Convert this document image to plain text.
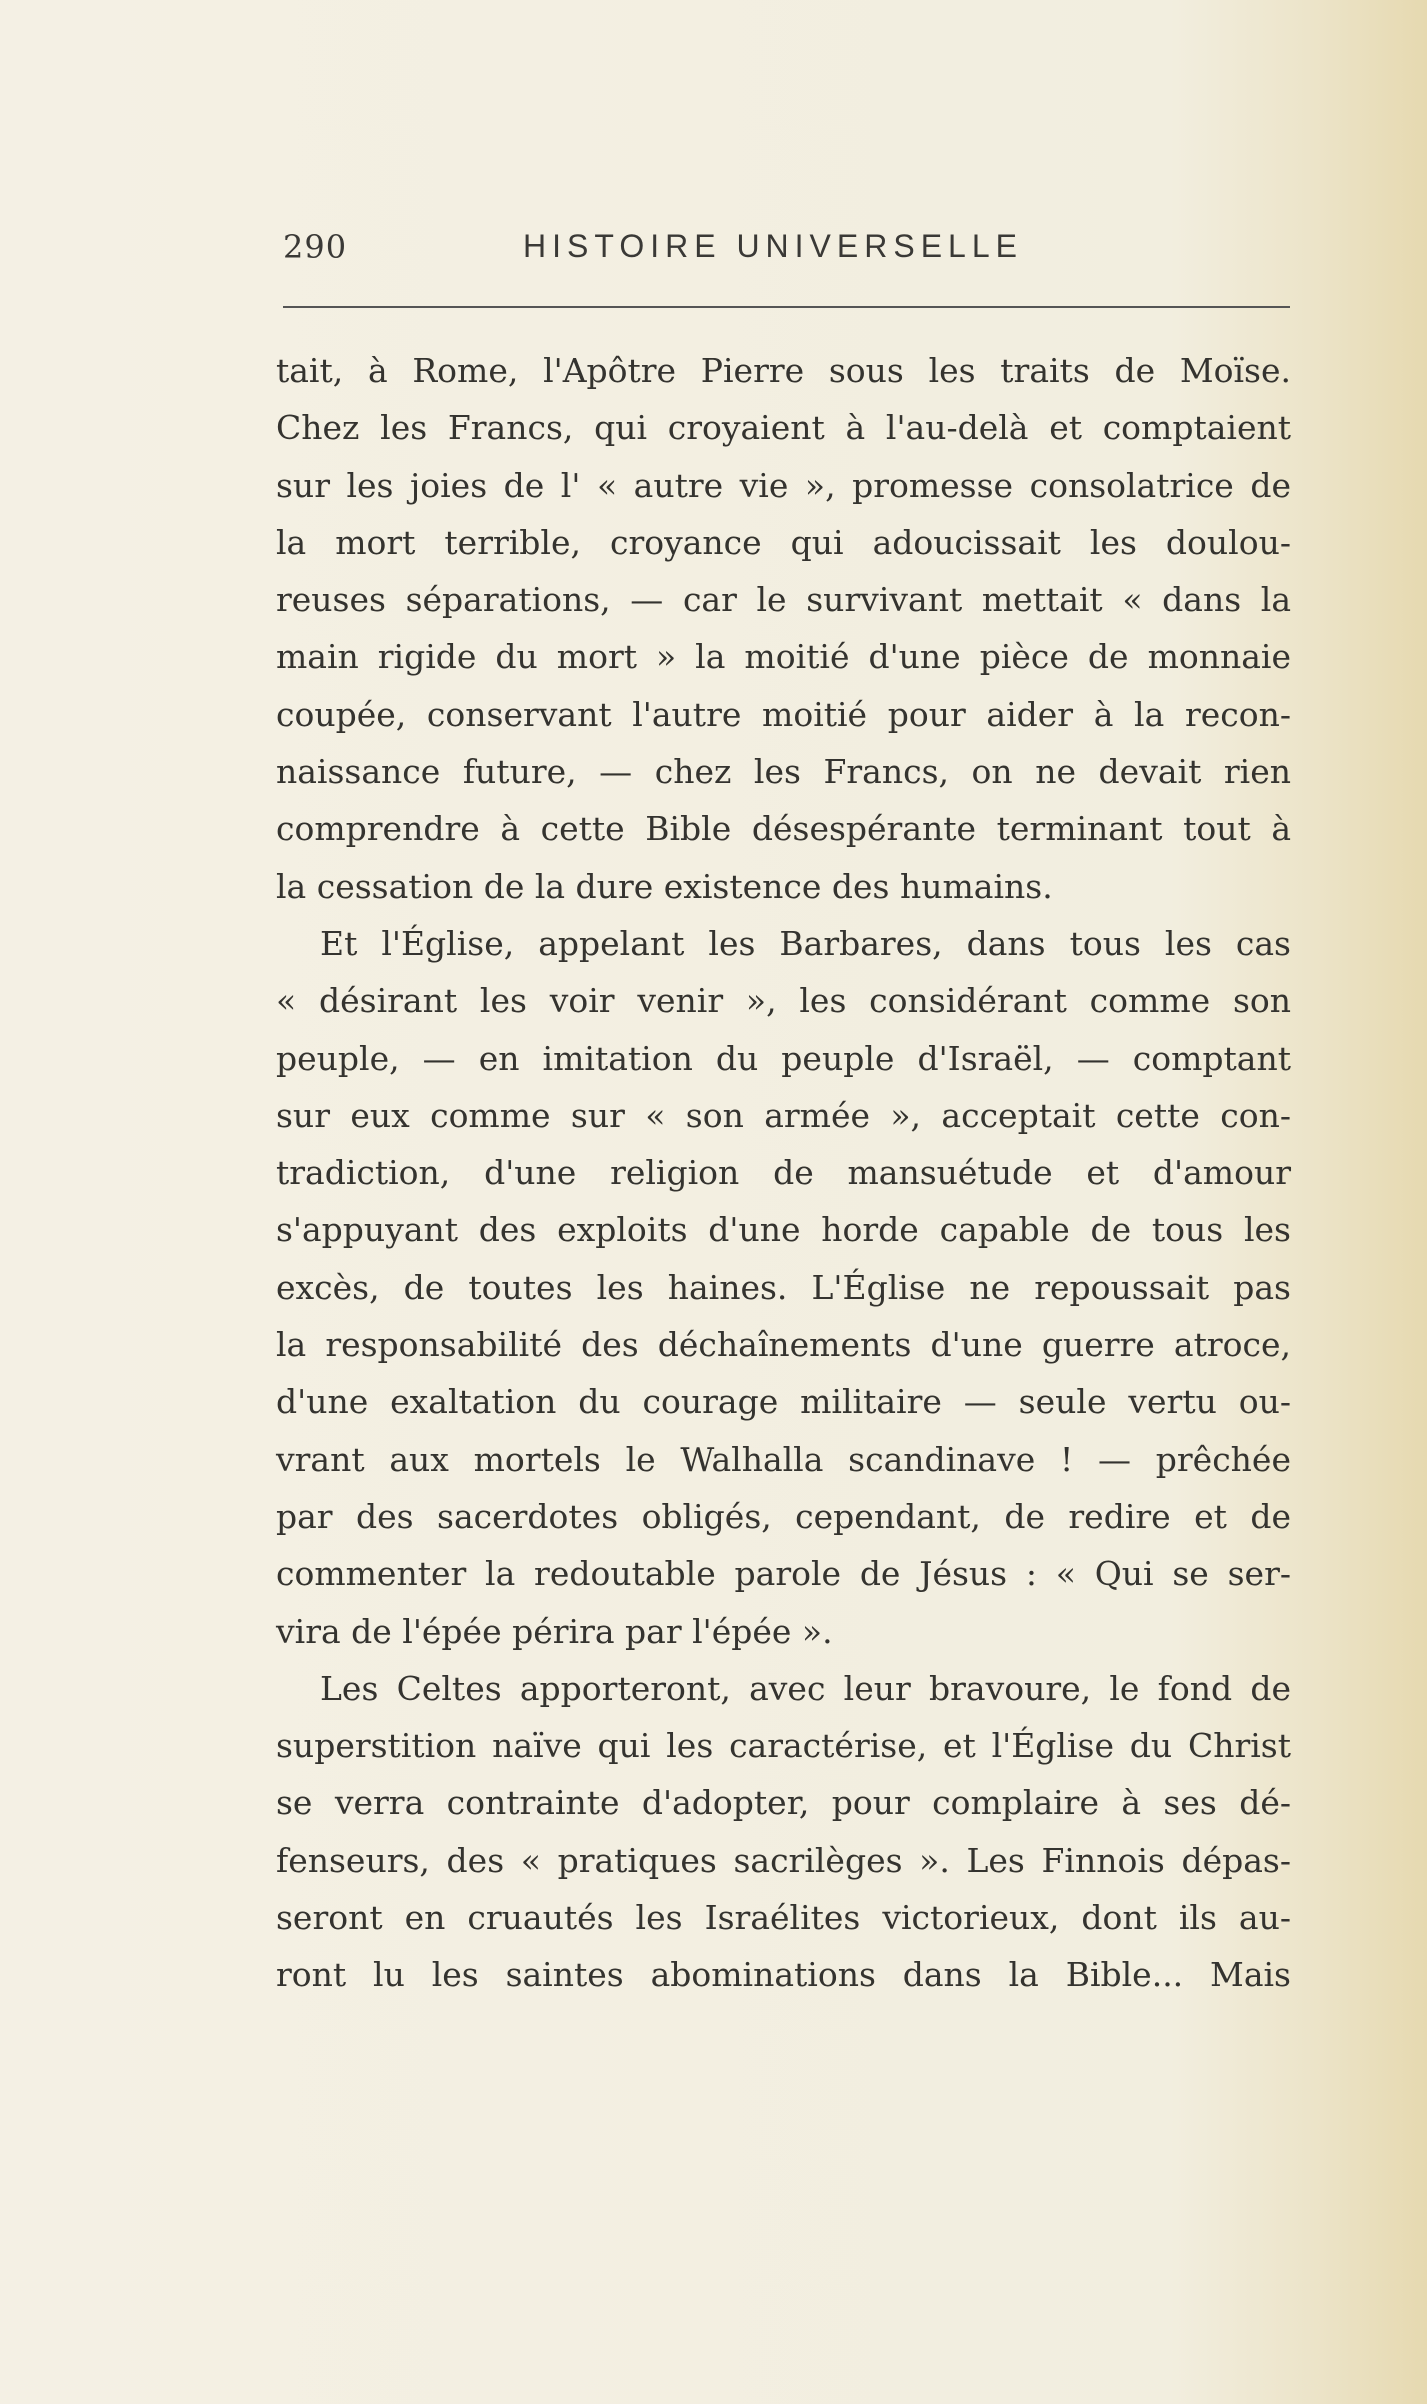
290	HISTOIRE UNIVERSELLE
tait, à Rome, l'Apôtre Pierre sous les traits de Moïse.
Chez les Francs, qui croyaient à l'au-delà et comptaient
sur les joies de l' « autre vie », promesse consolatrice de
la mort terrible, croyance qui adoucissait les doulou-
reuses séparations, — car le survivant mettait « dans la
main rigide du mort » la moitié d'une pièce de monnaie
coupée, conservant l'autre moitié pour aider à la recon-
naissance future, — chez les Francs, on ne devait rien
comprendre à cette Bible désespérante terminant tout à
la cessation de la dure existence des humains.
Et l'Église, appelant les Barbares, dans tous les cas
« désirant les voir venir », les considérant comme son
peuple, — en imitation du peuple d'Israël, — comptant
sur eux comme sur « son armée », acceptait cette con-
tradiction, d'une religion de mansuétude et d'amour
s'appuyant des exploits d'une horde capable de tous les
excès, de toutes les haines. L'Église ne repoussait pas
la responsabilité des déchaînements d'une guerre atroce,
d'une exaltation du courage militaire — seule vertu ou-
vrant aux mortels le Walhalla scandinave ! — prêchée
par des sacerdotes obligés, cependant, de redire et de
commenter la redoutable parole de Jésus : « Qui se ser-
vira de l'épée périra par l'épée ».
Les Celtes apporteront, avec leur bravoure, le fond de
superstition naïve qui les caractérise, et l'Église du Christ
se verra contrainte d'adopter, pour complaire à ses dé-
fenseurs, des « pratiques sacrilèges ». Les Finnois dépas-
seront en cruautés les Israélites victorieux, dont ils au-
ront lu les saintes abominations dans la Bible... Mais
